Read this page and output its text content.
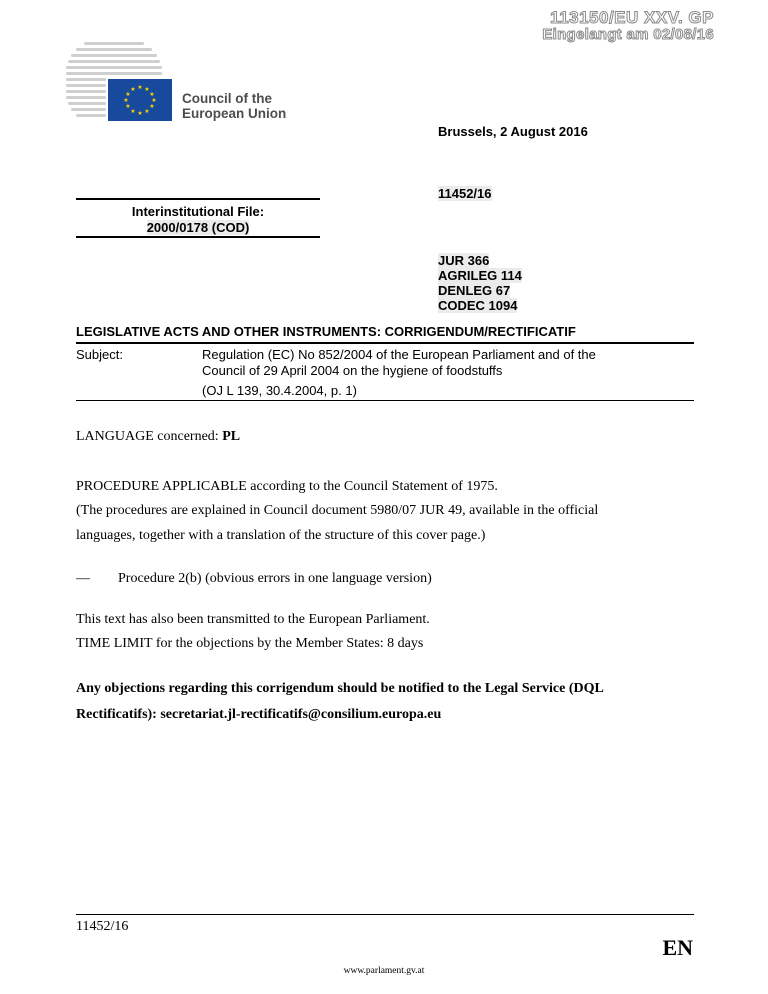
113150/EU XXV. GP
Eingelangt am 02/08/16
★ ★
★
★
★
★
★
★
★
★
★
★
Council of the
European Union
Brussels, 2 August 2016
11452/16
Interinstitutional File:
2000/0178 (COD)
JUR 366
AGRILEG 114
DENLEG 67
CODEC 1094
LEGISLATIVE ACTS AND OTHER INSTRUMENTS: CORRIGENDUM/RECTIFICATIF
Subject:	Regulation (EC) No 852/2004 of the European Parliament and of the
Council of 29 April 2004 on the hygiene of foodstuffs
(OJ L 139, 30.4.2004, p. 1)
LANGUAGE concerned: PL
PROCEDURE APPLICABLE according to the Council Statement of 1975.
(The procedures are explained in Council document 5980/07 JUR 49, available in the official
languages, together with a translation of the structure of this cover page.)
— Procedure 2(b) (obvious errors in one language version)
This text has also been transmitted to the European Parliament.
TIME LIMIT for the objections by the Member States: 8 days
Any objections regarding this corrigendum should be notified to the Legal Service (DQL
Rectificatifs): secretariat.jl-rectificatifs@consilium.europa.eu
11452/16
EN
www.parlament.gv.at
